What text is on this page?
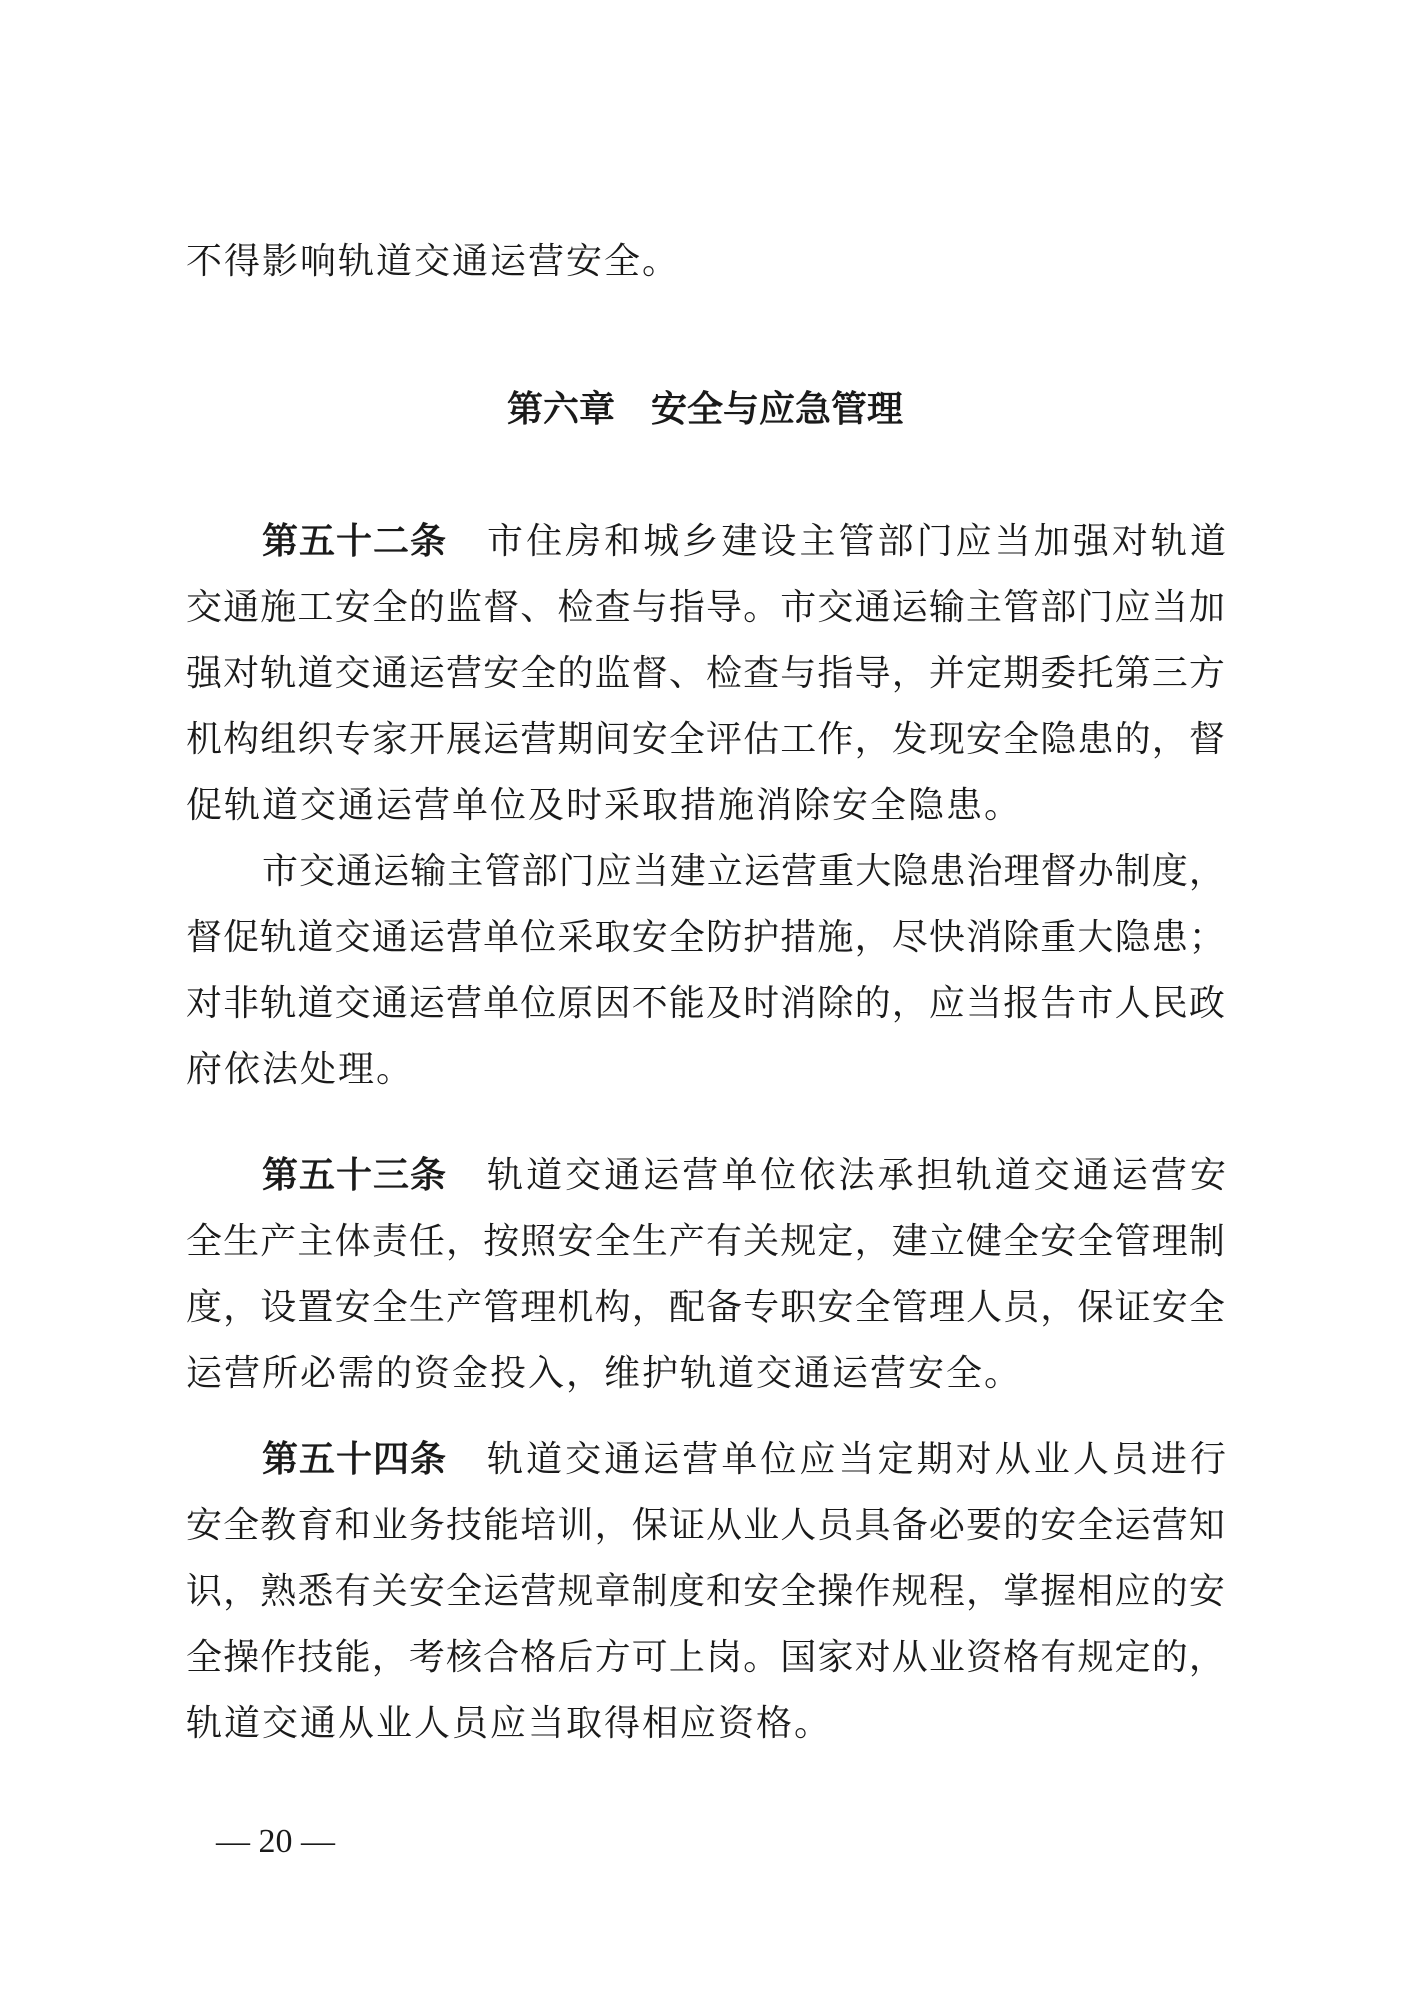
不得影响轨道交通运营安全。
第六章　安全与应急管理
第五十二条 市住房和城乡建设主管部门应当加强对轨道
交通施工安全的监督、检查与指导。市交通运输主管部门应当加
强对轨道交通运营安全的监督、检查与指导，并定期委托第三方
机构组织专家开展运营期间安全评估工作，发现安全隐患的，督
促轨道交通运营单位及时采取措施消除安全隐患。
市交通运输主管部门应当建立运营重大隐患治理督办制度，
督促轨道交通运营单位采取安全防护措施，尽快消除重大隐患；
对非轨道交通运营单位原因不能及时消除的，应当报告市人民政
府依法处理。
第五十三条 轨道交通运营单位依法承担轨道交通运营安
全生产主体责任，按照安全生产有关规定，建立健全安全管理制
度，设置安全生产管理机构，配备专职安全管理人员，保证安全
运营所必需的资金投入，维护轨道交通运营安全。
第五十四条 轨道交通运营单位应当定期对从业人员进行
安全教育和业务技能培训，保证从业人员具备必要的安全运营知
识，熟悉有关安全运营规章制度和安全操作规程，掌握相应的安
全操作技能，考核合格后方可上岗。国家对从业资格有规定的，
轨道交通从业人员应当取得相应资格。
— 20 —
